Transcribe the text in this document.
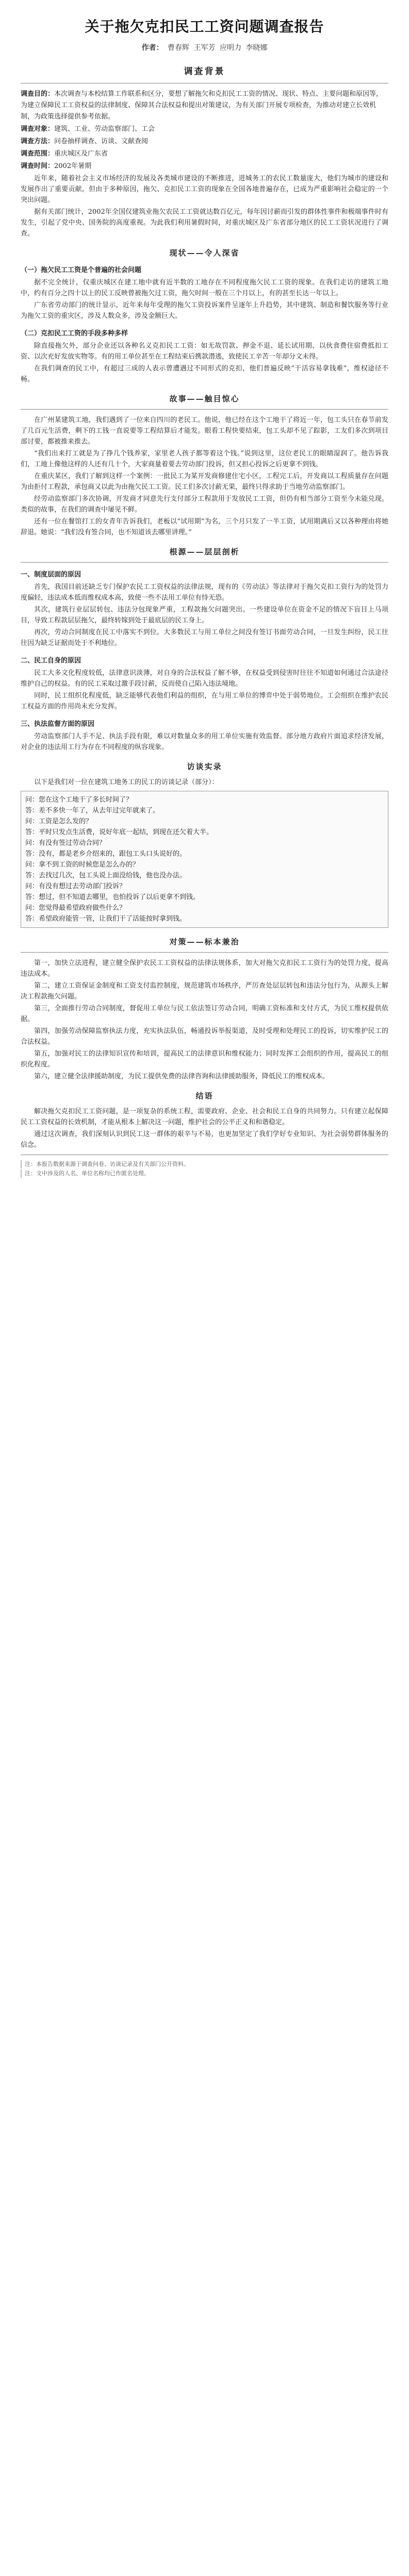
关于拖欠克扣民工工资问题调查报告
作者： 曹春辉 王军芳 应明力 李晓娜
调查背景
调查目的：本次调查与本校结算工作联系和区分，要想了解拖欠和克扣民工工资的情况、现状、特点、主要问题和原因等，为建立保障民工工资权益的法律制度、保障其合法权益和提出对策建议，为有关部门开展专项检查，为推动对建立长效机制，为政策选择提供参考依据。
调查对象：建筑、工业、劳动监察部门、工会
调查方法：问卷抽样调查、访谈、文献查阅
调查范围：重庆城区及广东省
调查时间：2002年暑期

近年来，随着社会主义市场经济的发展及各类城市建设的不断推进，进城务工的农民工数量庞大，他们为城市的建设和发展作出了重要贡献。但由于多种原因，拖欠、克扣民工工资的现象在全国各地普遍存在，已成为严重影响社会稳定的一个突出问题。

据有关部门统计，2002年全国仅建筑业拖欠农民工工资就达数百亿元，每年因讨薪而引发的群体性事件和极端事件时有发生，引起了党中央、国务院的高度重视。为此我们利用暑假时间，对重庆城区及广东省部分地区的民工工资状况进行了调查。

现状——令人深省
（一）拖欠民工工资是个普遍的社会问题

据不完全统计，仅重庆城区在建工地中就有近半数的工地存在不同程度拖欠民工工资的现象。在我们走访的建筑工地中，约有百分之四十以上的民工反映曾被拖欠过工资，拖欠时间一般在三个月以上，有的甚至长达一年以上。

广东省劳动部门的统计显示，近年来每年受理的拖欠工资投诉案件呈逐年上升趋势，其中建筑、制造和餐饮服务等行业为拖欠工资的重灾区，涉及人数众多，涉及金额巨大。

（二）克扣民工工资的手段多种多样

除直接拖欠外，部分企业还以各种名义克扣民工工资：如无故罚款、押金不退、延长试用期、以伙食费住宿费抵扣工资、以次充好发放实物等。有的用工单位甚至在工程结束后携款潜逃，致使民工辛苦一年却分文未得。

在我们调查的民工中，有超过三成的人表示曾遭遇过不同形式的克扣，他们普遍反映“干活容易拿钱难”，维权途径不畅。

故事——触目惊心

在广州某建筑工地，我们遇到了一位来自四川的老民工。他说，他已经在这个工地干了将近一年，包工头只在春节前发了几百元生活费，剩下的工钱一直说要等工程结算后才能发。眼看工程快要结束，包工头却不见了踪影，工友们多次到项目部讨要，都被推来推去。

“我们出来打工就是为了挣几个钱养家，家里老人孩子都等着这个钱。”说到这里，这位老民工的眼睛湿润了。他告诉我们，工地上像他这样的人还有几十个，大家商量着要去劳动部门投诉，但又担心投诉之后更拿不到钱。

在重庆某区，我们了解到这样一个案例：一批民工为某开发商修建住宅小区，工程完工后，开发商以工程质量存在问题为由拒付工程款，承包商又以此为由拖欠民工工资。民工们多次讨薪无果，最终只得求助于当地劳动监察部门。

经劳动监察部门多次协调，开发商才同意先行支付部分工程款用于发放民工工资，但仍有相当部分工资至今未能兑现。类似的故事，在我们的调查中屡见不鲜。

还有一位在餐馆打工的女青年告诉我们，老板以“试用期”为名，三个月只发了一半工资，试用期满后又以各种理由将她辞退。她说：“我们没有签合同，也不知道该去哪里讲理。”

根源——层层剖析
一、制度层面的原因

首先，我国目前还缺乏专门保护农民工工资权益的法律法规，现有的《劳动法》等法律对于拖欠克扣工资行为的处罚力度偏轻，违法成本低而维权成本高，致使一些不法用工单位有恃无恐。

其次，建筑行业层层转包、违法分包现象严重，工程款拖欠问题突出。一些建设单位在资金不足的情况下盲目上马项目，导致工程款层层拖欠，最终转嫁到处于最底层的民工身上。

再次，劳动合同制度在民工中落实不到位。大多数民工与用工单位之间没有签订书面劳动合同，一旦发生纠纷，民工往往因为缺乏证据而处于不利地位。

二、民工自身的原因

民工大多文化程度较低，法律意识淡薄，对自身的合法权益了解不够，在权益受到侵害时往往不知道如何通过合法途径维护自己的权益。有的民工采取过激手段讨薪，反而使自己陷入违法境地。

同时，民工组织化程度低，缺乏能够代表他们利益的组织，在与用工单位的博弈中处于弱势地位。工会组织在维护农民工权益方面的作用尚未充分发挥。

三、执法监督方面的原因

劳动监察部门人手不足、执法手段有限，难以对数量众多的用工单位实施有效监督。部分地方政府片面追求经济发展，对企业的违法用工行为存在不同程度的纵容现象。

访谈实录

以下是我们对一位在建筑工地务工的民工的访谈记录（部分）：

问：您在这个工地干了多长时间了？

答：差不多快一年了，从去年过完年就来了。

问：工资是怎么发的？

答：平时只发点生活费，说好年底一起结，到现在还欠着大半。

问：有没有签过劳动合同？

答：没有，都是老乡介绍来的，跟包工头口头说好的。

问：拿不到工资的时候您是怎么办的？

答：去找过几次，包工头说上面没给钱，他也没办法。

问：有没有想过去劳动部门投诉？

答：想过，但不知道去哪里，也怕投诉了以后更拿不到钱。

问：您觉得最希望政府做些什么？

答：希望政府能管一管，让我们干了活能按时拿到钱。

对策——标本兼治

第一，加快立法进程，建立健全保护农民工工资权益的法律法规体系，加大对拖欠克扣民工工资行为的处罚力度，提高违法成本。

第二，建立工资保证金制度和工资支付监控制度，规范建筑市场秩序，严厉查处层层转包和违法分包行为，从源头上解决工程款拖欠问题。

第三，全面推行劳动合同制度，督促用工单位与民工依法签订劳动合同，明确工资标准和支付方式，为民工维权提供依据。

第四，加强劳动保障监察执法力度，充实执法队伍，畅通投诉举报渠道，及时受理和处理民工的投诉，切实维护民工的合法权益。

第五，加强对民工的法律知识宣传和培训，提高民工的法律意识和维权能力；同时发挥工会组织的作用，提高民工的组织化程度。

第六，建立健全法律援助制度，为民工提供免费的法律咨询和法律援助服务，降低民工的维权成本。

结语

解决拖欠克扣民工工资问题，是一项复杂的系统工程，需要政府、企业、社会和民工自身的共同努力。只有建立起保障民工工资权益的长效机制，才能从根本上解决这一问题，维护社会的公平正义和和谐稳定。

通过这次调查，我们深刻认识到民工这一群体的艰辛与不易，也更加坚定了我们学好专业知识、为社会弱势群体服务的信念。

注：本报告数据来源于调查问卷、访谈记录及有关部门公开资料。
注：文中涉及的人名、单位名称均已作匿名处理。
